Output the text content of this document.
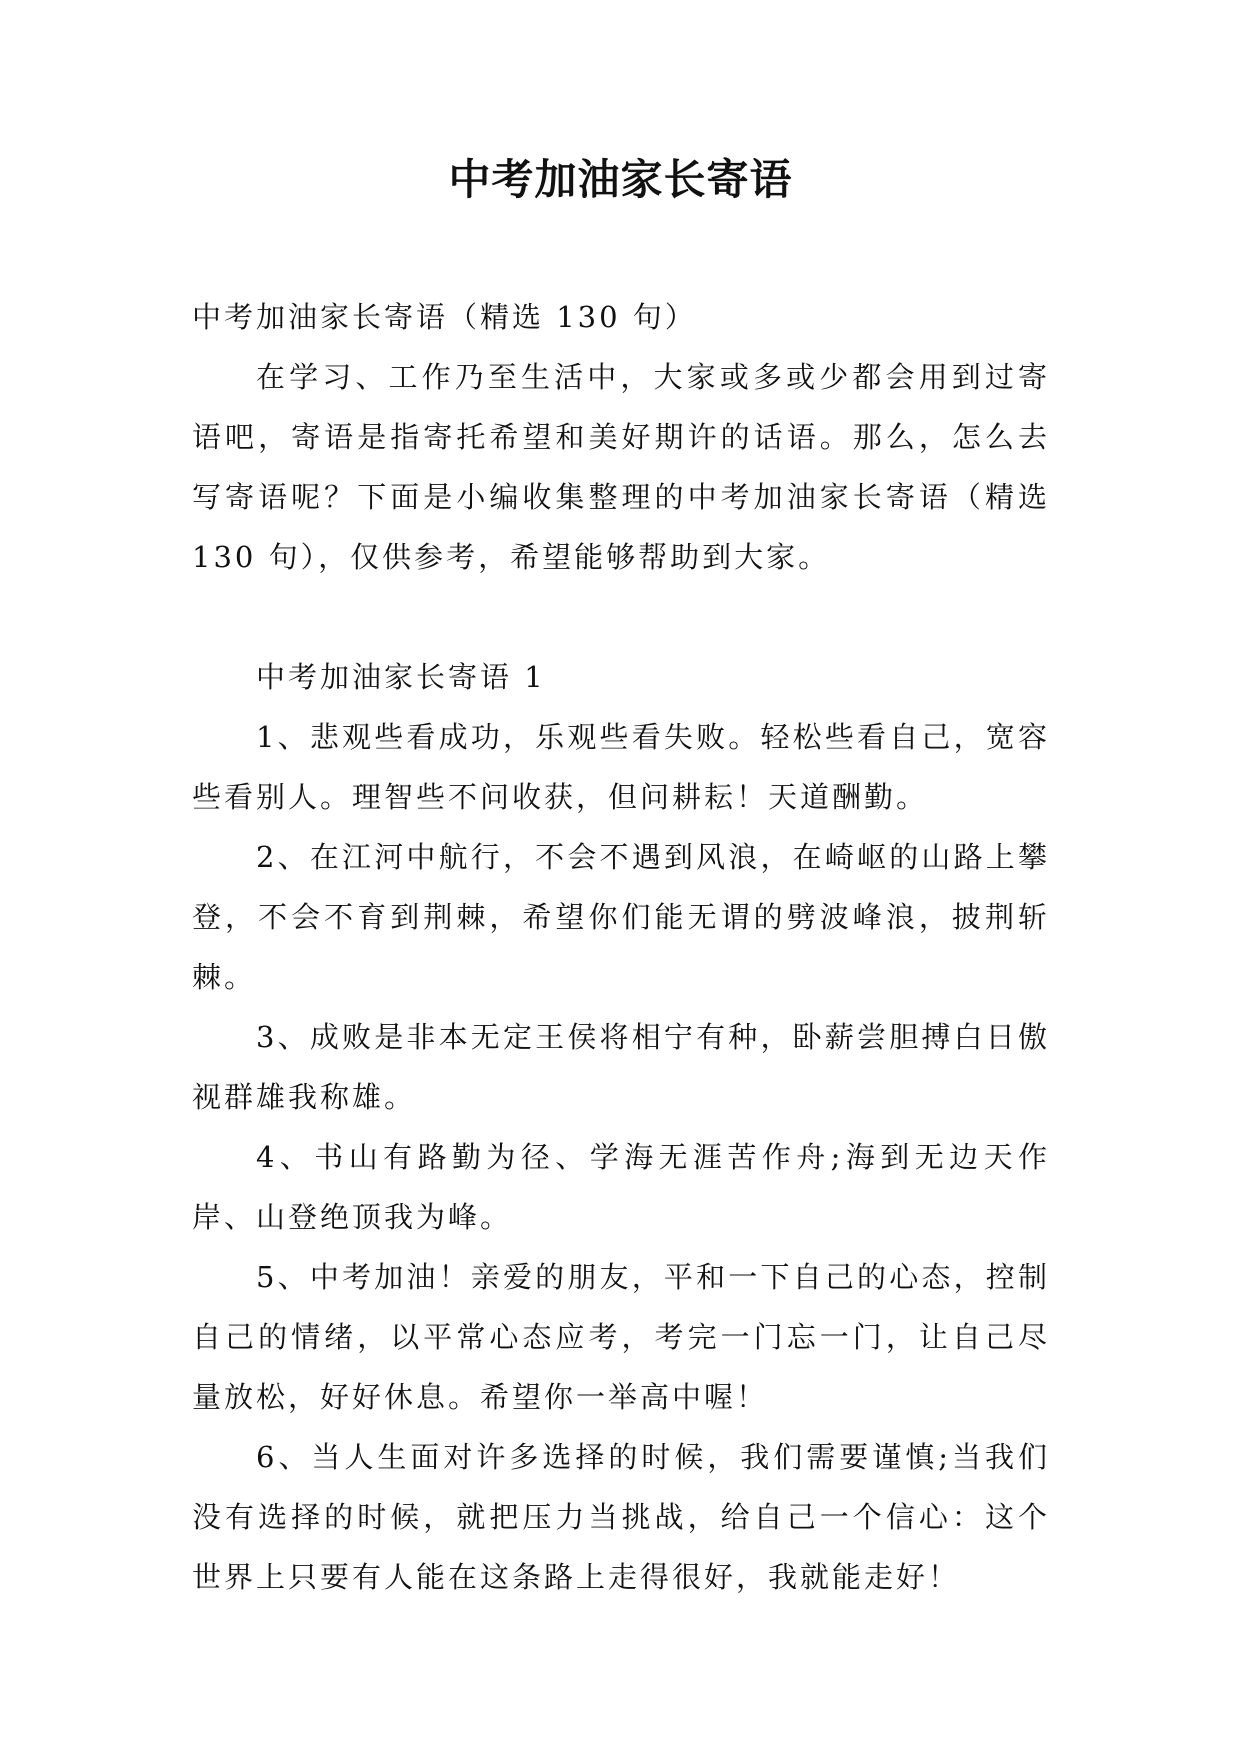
中考加油家长寄语

中考加油家长寄语（精选 130 句）

在学习、工作乃至生活中，大家或多或少都会用到过寄语吧，寄语是指寄托希望和美好期许的话语。那么，怎么去写寄语呢？下面是小编收集整理的中考加油家长寄语（精选 130 句），仅供参考，希望能够帮助到大家。

中考加油家长寄语 1

1、悲观些看成功，乐观些看失败。轻松些看自己，宽容些看别人。理智些不问收获，但问耕耘！天道酬勤。

2、在江河中航行，不会不遇到风浪，在崎岖的山路上攀登，不会不育到荆棘，希望你们能无谓的劈波峰浪，披荆斩棘。

3、成败是非本无定王侯将相宁有种，卧薪尝胆搏白日傲视群雄我称雄。

4、书山有路勤为径、学海无涯苦作舟;海到无边天作岸、山登绝顶我为峰。

5、中考加油！亲爱的朋友，平和一下自己的心态，控制自己的情绪，以平常心态应考，考完一门忘一门，让自己尽量放松，好好休息。希望你一举高中喔！

6、当人生面对许多选择的时候，我们需要谨慎;当我们没有选择的时候，就把压力当挑战，给自己一个信心：这个世界上只要有人能在这条路上走得很好，我就能走好！
